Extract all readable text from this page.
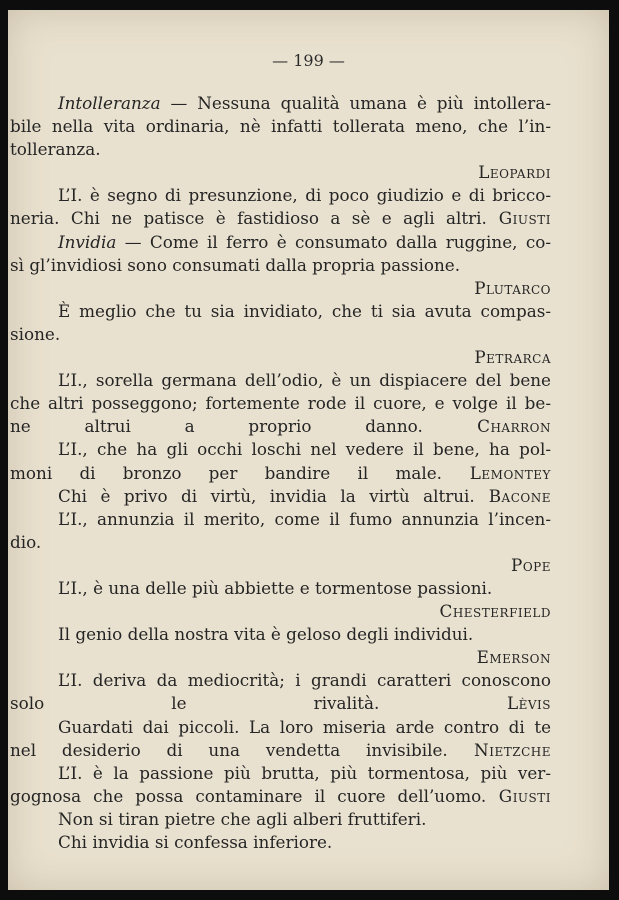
— 199 —
Intolleranza — Nessuna qualità umana è più intollera-
bile nella vita ordinaria, nè infatti tollerata meno, che l’in-
tolleranza.
Leopardi
L’I. è segno di presunzione, di poco giudizio e di bricco-
neria. Chi ne patisce è fastidioso a sè e agli altri. Giusti
Invidia — Come il ferro è consumato dalla ruggine, co-
sì gl’invidiosi sono consumati dalla propria passione.
Plutarco
È meglio che tu sia invidiato, che ti sia avuta compas-
sione.
Petrarca
L’I., sorella germana dell’odio, è un dispiacere del bene
che altri posseggono; fortemente rode il cuore, e volge il be-
ne altrui a proprio danno. Charron
L’I., che ha gli occhi loschi nel vedere il bene, ha pol-
moni di bronzo per bandire il male. Lemontey
Chi è privo di virtù, invidia la virtù altrui. Bacone
L’I., annunzia il merito, come il fumo annunzia l’incen-
dio.
Pope
L’I., è una delle più abbiette e tormentose passioni.
Chesterfield
Il genio della nostra vita è geloso degli individui.
Emerson
L’I. deriva da mediocrità; i grandi caratteri conoscono
solo le rivalità. Lèvis
Guardati dai piccoli. La loro miseria arde contro di te
nel desiderio di una vendetta invisibile. Nietzche
L’I. è la passione più brutta, più tormentosa, più ver-
gognosa che possa contaminare il cuore dell’uomo. Giusti
Non si tiran pietre che agli alberi fruttiferi.
Chi invidia si confessa inferiore.
